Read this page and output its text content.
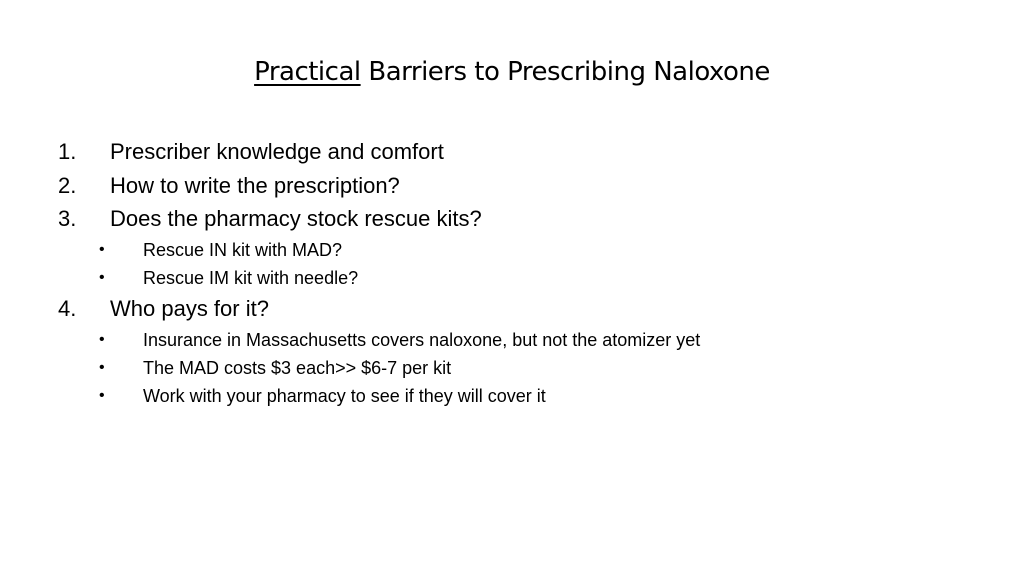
Practical Barriers to Prescribing Naloxone
1. Prescriber knowledge and comfort
2. How to write the prescription?
3. Does the pharmacy stock rescue kits?
• Rescue IN kit with MAD?
• Rescue IM kit with needle?
4. Who pays for it?
• Insurance in Massachusetts covers naloxone, but not the atomizer yet
• The MAD costs $3 each>> $6-7 per kit
• Work with your pharmacy to see if they will cover it
